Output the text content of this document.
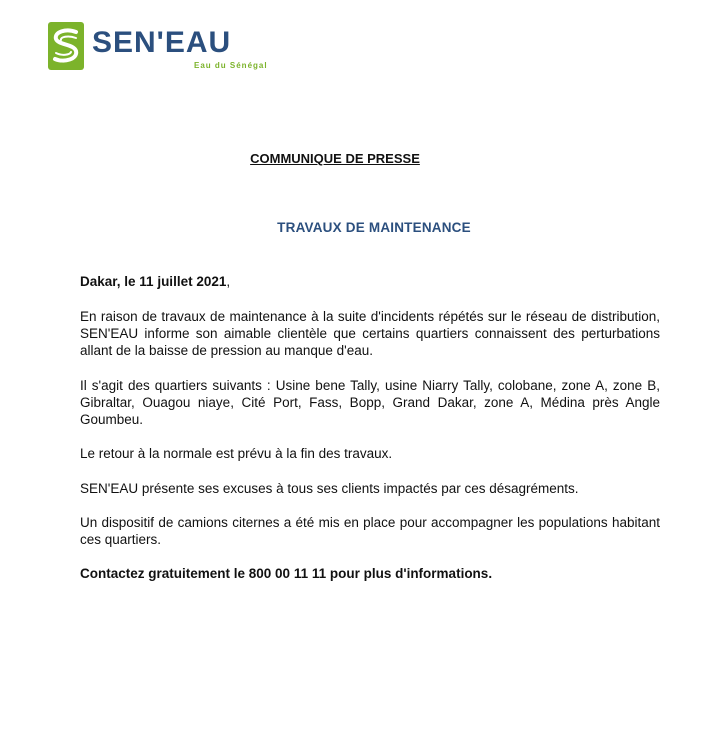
SEN'EAU
Eau du Sénégal
COMMUNIQUE DE PRESSE
TRAVAUX DE MAINTENANCE

Dakar, le 11 juillet 2021,

En raison de travaux de maintenance à la suite d'incidents répétés sur le réseau de distribution, SEN'EAU informe son aimable clientèle que certains quartiers connaissent des perturbations allant de la baisse de pression au manque d'eau.

Il s'agit des quartiers suivants : Usine bene Tally, usine Niarry Tally, colobane, zone A, zone B, Gibraltar, Ouagou niaye, Cité Port, Fass, Bopp, Grand Dakar, zone A, Médina près Angle Goumbeu.

Le retour à la normale est prévu à la fin des travaux.

SEN'EAU présente ses excuses à tous ses clients impactés par ces désagréments.

Un dispositif de camions citernes a été mis en place pour accompagner les populations habitant ces quartiers.

Contactez gratuitement le 800 00 11 11 pour plus d'informations.
